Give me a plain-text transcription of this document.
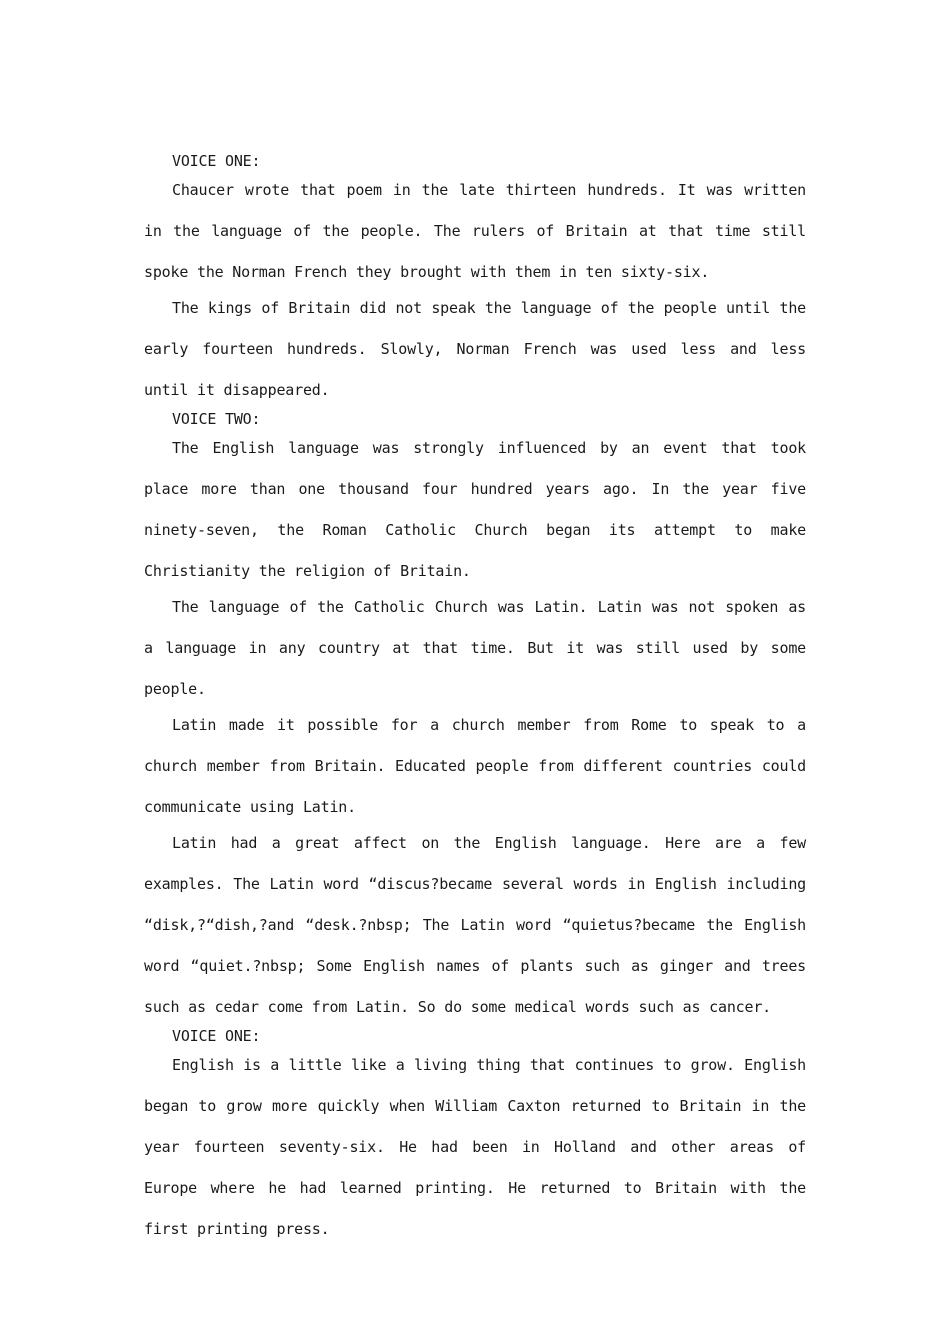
VOICE ONE:

Chaucer wrote that poem in the late thirteen hundreds. It was written in the language of the people. The rulers of Britain at that time still spoke the Norman French they brought with them in ten sixty-six.

The kings of Britain did not speak the language of the people until the early fourteen hundreds. Slowly, Norman French was used less and less until it disappeared.

VOICE TWO:

The English language was strongly influenced by an event that took place more than one thousand four hundred years ago. In the year five ninety-seven, the Roman Catholic Church began its attempt to make Christianity the religion of Britain.

The language of the Catholic Church was Latin. Latin was not spoken as a language in any country at that time. But it was still used by some people.

Latin made it possible for a church member from Rome to speak to a church member from Britain. Educated people from different countries could communicate using Latin.

Latin had a great affect on the English language. Here are a few examples. The Latin word “discus?became several words in English including “disk,?“dish,?and “desk.?nbsp; The Latin word “quietus?became the English word “quiet.?nbsp; Some English names of plants such as ginger and trees such as cedar come from Latin. So do some medical words such as cancer.

VOICE ONE:

English is a little like a living thing that continues to grow. English began to grow more quickly when William Caxton returned to Britain in the year fourteen seventy-six. He had been in Holland and other areas of Europe where he had learned printing. He returned to Britain with the first printing press.
